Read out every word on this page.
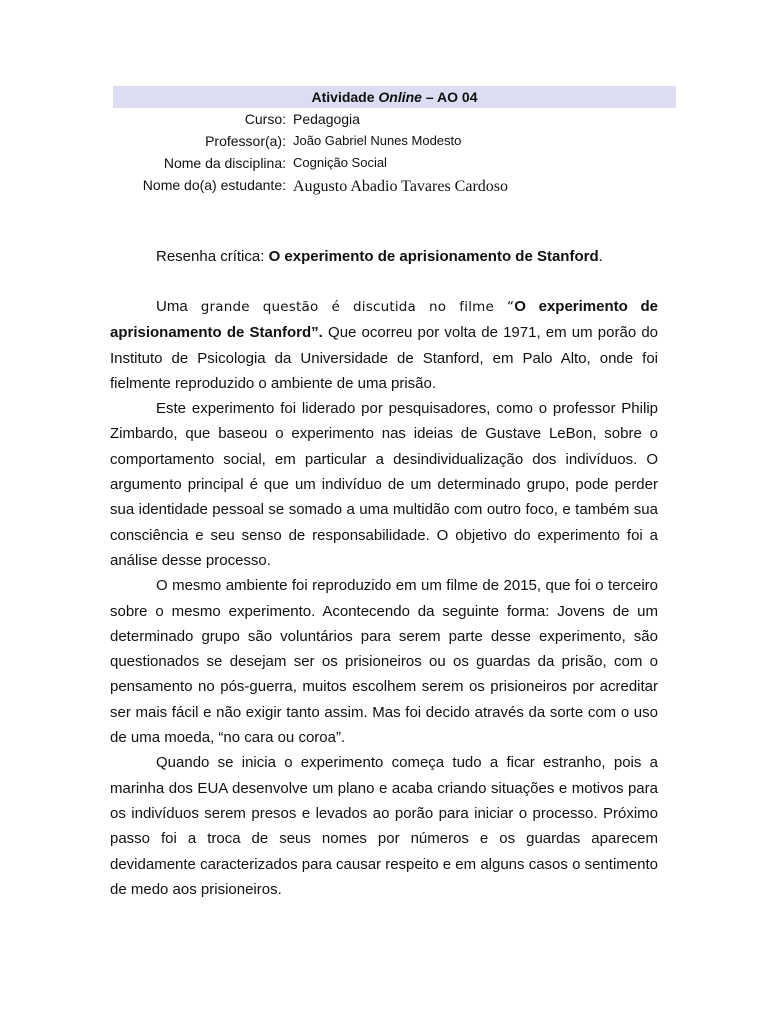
Atividade Online – AO 04
Curso: Pedagogia
Professor(a): João Gabriel Nunes Modesto
Nome da disciplina: Cognição Social
Nome do(a) estudante: Augusto Abadio Tavares Cardoso
Resenha crítica: O experimento de aprisionamento de Stanford.

Uma grande questão é discutida no filme “O experimento de aprisionamento de Stanford”. Que ocorreu por volta de 1971, em um porão do Instituto de Psicologia da Universidade de Stanford, em Palo Alto, onde foi fielmente reproduzido o ambiente de uma prisão.

Este experimento foi liderado por pesquisadores, como o professor Philip Zimbardo, que baseou o experimento nas ideias de Gustave LeBon, sobre o comportamento social, em particular a desindividualização dos indivíduos. O argumento principal é que um indivíduo de um determinado grupo, pode perder sua identidade pessoal se somado a uma multidão com outro foco, e também sua consciência e seu senso de responsabilidade. O objetivo do experimento foi a análise desse processo.

O mesmo ambiente foi reproduzido em um filme de 2015, que foi o terceiro sobre o mesmo experimento. Acontecendo da seguinte forma: Jovens de um determinado grupo são voluntários para serem parte desse experimento, são questionados se desejam ser os prisioneiros ou os guardas da prisão, com o pensamento no pós-guerra, muitos escolhem serem os prisioneiros por acreditar ser mais fácil e não exigir tanto assim. Mas foi decido através da sorte com o uso de uma moeda, “no cara ou coroa”.

Quando se inicia o experimento começa tudo a ficar estranho, pois a marinha dos EUA desenvolve um plano e acaba criando situações e motivos para os indivíduos serem presos e levados ao porão para iniciar o processo. Próximo passo foi a troca de seus nomes por números e os guardas aparecem devidamente caracterizados para causar respeito e em alguns casos o sentimento de medo aos prisioneiros.
